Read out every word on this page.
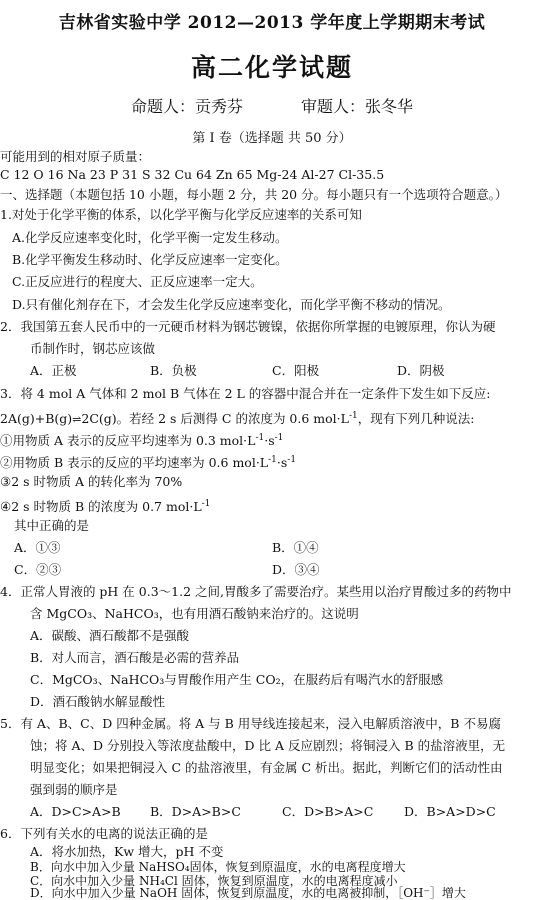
吉林省实验中学 2012—2013 学年度上学期期末考试
高二化学试题
命题人：贡秀芬	审题人：张冬华
第 I 卷（选择题 共 50 分）
可能用到的相对原子质量：
C 12 O 16 Na 23 P 31 S 32 Cu 64 Zn 65 Mg-24 Al-27 Cl-35.5
一、选择题（本题包括 10 小题，每小题 2 分，共 20 分。每小题只有一个选项符合题意。）
1.对处于化学平衡的体系，以化学平衡与化学反应速率的关系可知
A.化学反应速率变化时，化学平衡一定发生移动。
B.化学平衡发生移动时、化学反应速率一定变化。
C.正反应进行的程度大、正反应速率一定大。
D.只有催化剂存在下，才会发生化学反应速率变化，而化学平衡不移动的情况。
2．我国第五套人民币中的一元硬币材料为钢芯镀镍，依据你所掌握的电镀原理，你认为硬
币制作时，钢芯应该做
A．正极	B．负极	C．阳极	D．阴极
3．将 4 mol A 气体和 2 mol B 气体在 2 L 的容器中混合并在一定条件下发生如下反应:
2A(g)+B(g)⇌2C(g)。若经 2 s 后测得 C 的浓度为 0.6 $mol\cdot L^{-1}$，现有下列几种说法:
①用物质 A 表示的反应平均速率为 0.3 $mol\cdot L^{-1}\cdot s^{-1}$
②用物质 B 表示的反应的平均速率为 0.6 $mol\cdot L^{-1}\cdot s^{-1}$
③2 s 时物质 A 的转化率为 70%
④2 s 时物质 B 的浓度为 0.7 $mol\cdot L^{-1}$
其中正确的是
A．①③	B．①④
C．②③	D．③④
4．正常人胃液的 pH 在 0.3～1.2 之间,胃酸多了需要治疗。某些用以治疗胃酸过多的药物中
含 MgCO₃、NaHCO₃，也有用酒石酸钠来治疗的。这说明
A．碳酸、酒石酸都不是强酸
B．对人而言，酒石酸是必需的营养品
C．MgCO₃、NaHCO₃与胃酸作用产生 CO₂，在服药后有喝汽水的舒服感
D．酒石酸钠水解显酸性
5．有 A、B、C、D 四种金属。将 A 与 B 用导线连接起来，浸入电解质溶液中，B 不易腐
蚀；将 A、D 分别投入等浓度盐酸中，D 比 A 反应剧烈；将铜浸入 B 的盐溶液里，无
明显变化；如果把铜浸入 C 的盐溶液里，有金属 C 析出。据此，判断它们的活动性由
强到弱的顺序是
A．D>C>A>B B．D>A>B>C	C．D>B>A>C D．B>A>D>C
6．下列有关水的电离的说法正确的是
A．将水加热，Kw 增大，pH 不变
B．向水中加入少量 NaHSO₄固体，恢复到原温度，水的电离程度增大
C．向水中加入少量 NH₄Cl 固体，恢复到原温度，水的电离程度减小
D．向水中加入少量 NaOH 固体，恢复到原温度，水的电离被抑制，［OH⁻］增大
